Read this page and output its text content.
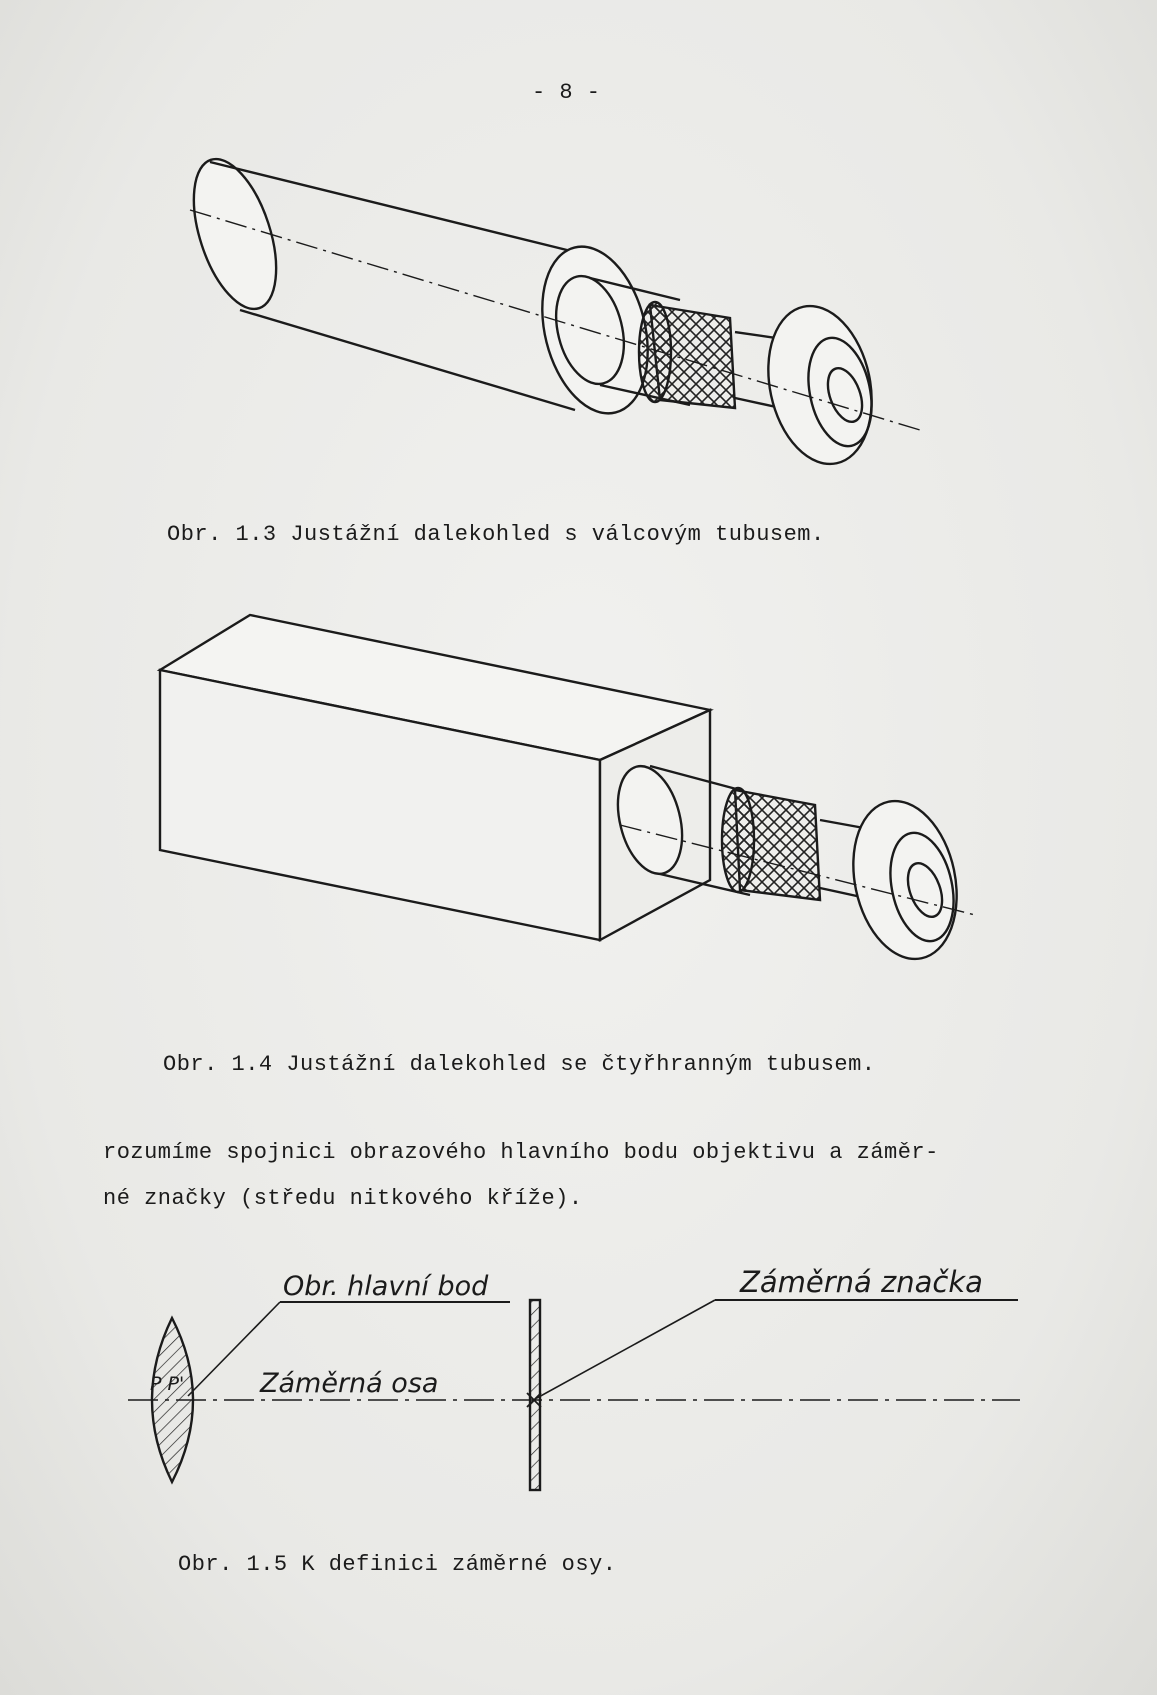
- 8 -
Obr. 1.3 Justážní dalekohled s válcovým tubusem.
Obr. 1.4 Justážní dalekohled se čtyřhranným tubusem.
rozumíme spojnici obrazového hlavního bodu objektivu a záměr-
né značky (středu nitkového kříže).
Obr. hlavní bod	Záměrná značka
Záměrná osa
P P'
Obr. 1.5 K definici záměrné osy.
